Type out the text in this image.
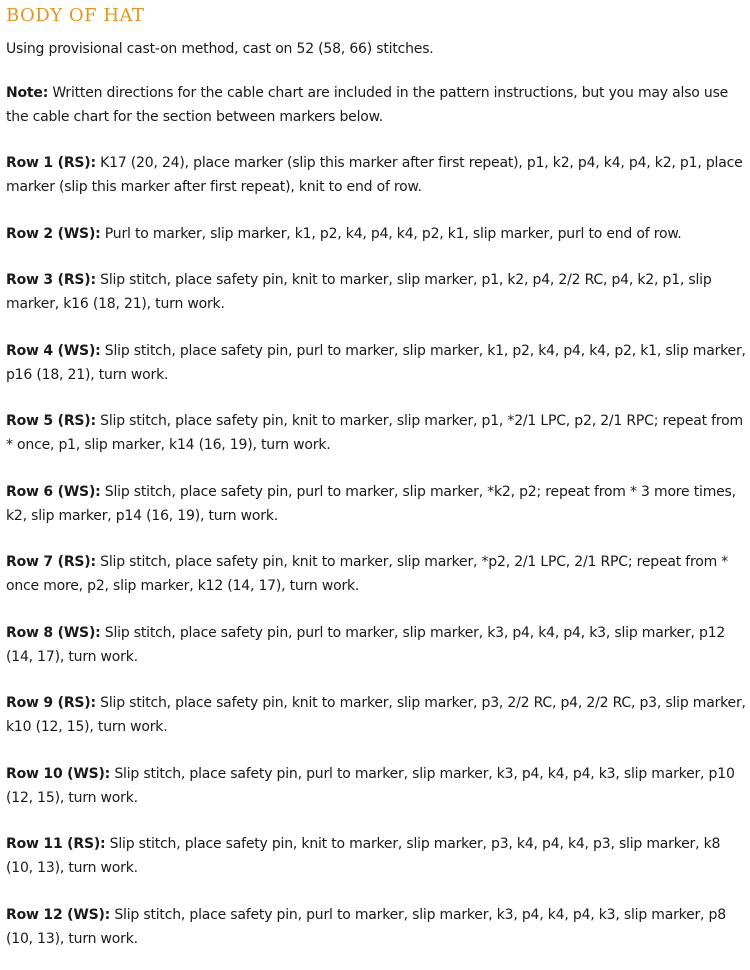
BODY OF HAT

Using provisional cast-on method, cast on 52 (58, 66) stitches.

Note: Written directions for the cable chart are included in the pattern instructions, but you may also use the cable chart for the section between markers below.

Row 1 (RS): K17 (20, 24), place marker (slip this marker after first repeat), p1, k2, p4, k4, p4, k2, p1, place marker (slip this marker after first repeat), knit to end of row.

Row 2 (WS): Purl to marker, slip marker, k1, p2, k4, p4, k4, p2, k1, slip marker, purl to end of row.

Row 3 (RS): Slip stitch, place safety pin, knit to marker, slip marker, p1, k2, p4, 2/2 RC, p4, k2, p1, slip marker, k16 (18, 21), turn work.

Row 4 (WS): Slip stitch, place safety pin, purl to marker, slip marker, k1, p2, k4, p4, k4, p2, k1, slip marker, p16 (18, 21), turn work.

Row 5 (RS): Slip stitch, place safety pin, knit to marker, slip marker, p1, *2/1 LPC, p2, 2/1 RPC; repeat from * once, p1, slip marker, k14 (16, 19), turn work.

Row 6 (WS): Slip stitch, place safety pin, purl to marker, slip marker, *k2, p2; repeat from * 3 more times, k2, slip marker, p14 (16, 19), turn work.

Row 7 (RS): Slip stitch, place safety pin, knit to marker, slip marker, *p2, 2/1 LPC, 2/1 RPC; repeat from * once more, p2, slip marker, k12 (14, 17), turn work.

Row 8 (WS): Slip stitch, place safety pin, purl to marker, slip marker, k3, p4, k4, p4, k3, slip marker, p12 (14, 17), turn work.

Row 9 (RS): Slip stitch, place safety pin, knit to marker, slip marker, p3, 2/2 RC, p4, 2/2 RC, p3, slip marker, k10 (12, 15), turn work.

Row 10 (WS): Slip stitch, place safety pin, purl to marker, slip marker, k3, p4, k4, p4, k3, slip marker, p10 (12, 15), turn work.

Row 11 (RS): Slip stitch, place safety pin, knit to marker, slip marker, p3, k4, p4, k4, p3, slip marker, k8 (10, 13), turn work.

Row 12 (WS): Slip stitch, place safety pin, purl to marker, slip marker, k3, p4, k4, p4, k3, slip marker, p8 (10, 13), turn work.
